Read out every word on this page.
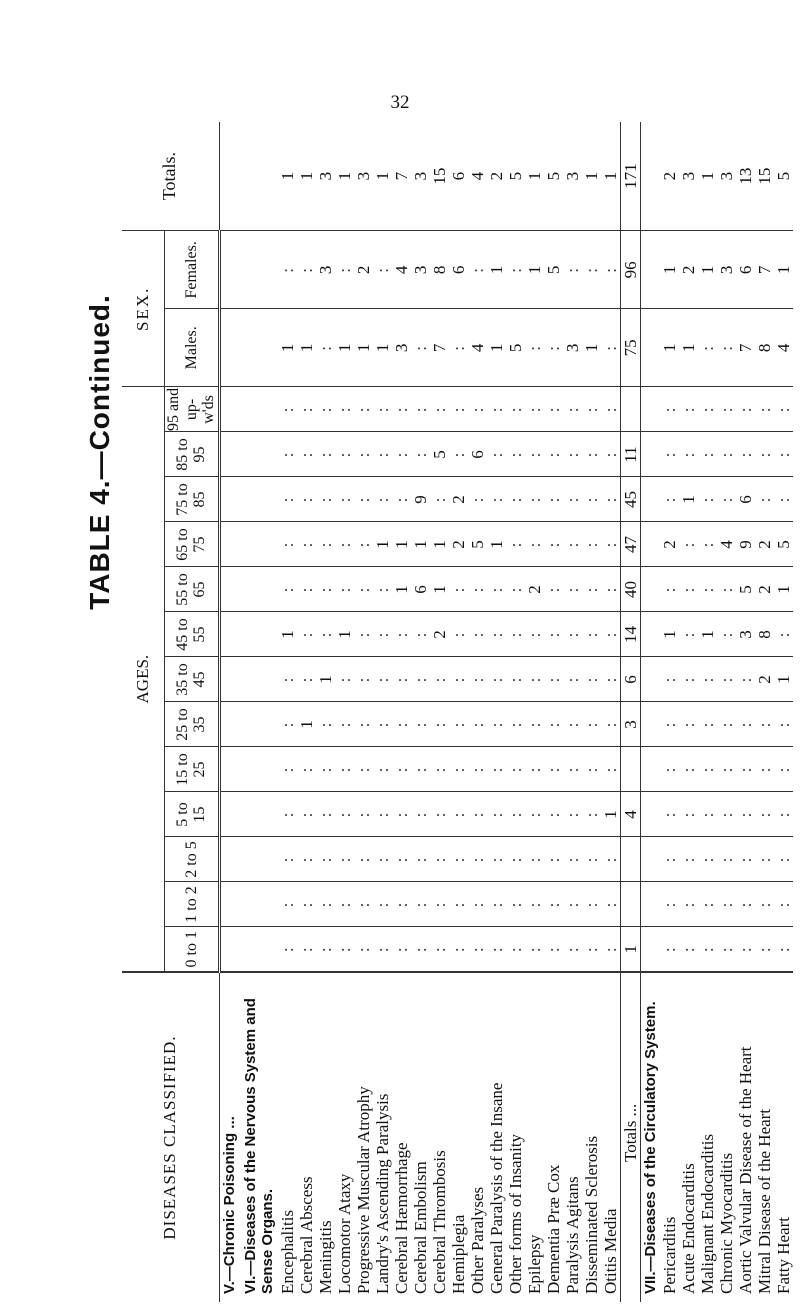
32
TABLE 4.—Continued.
DISEASES CLASSIFIED.	AGES.													SEX.		Totals.
	0 to 1	1 to 2	2 to 5	5 to 15	15 to 25	25 to 35	35 to 45	45 to 55	55 to 65	65 to 75	75 to 85	85 to 95	95 and up-w'ds	Males.	Females.	
V.—Chronic Poisoning ...																
VI.—Diseases of the Nervous System and Sense Organs.																
Encephalitis	:	:	:	:	:	:	:	1	:	:	:	:	:	1	:	1
Cerebral Abscess	:	:	:	:	:	1	:	:	:	:	:	:	:	1	:	1
Meningitis	:	:	:	:	:	:	1	:	:	:	:	:	:	:	3	3
Locomotor Ataxy	:	:	:	:	:	:	:	1	:	:	:	:	:	1	:	1
Progressive Muscular Atrophy	:	:	:	:	:	:	:	:	:	:	:	:	:	1	2	3
Landry's Ascending Paralysis	:	:	:	:	:	:	:	:	:	1	:	:	:	1	:	1
Cerebral Hæmorrhage	:	:	:	:	:	:	:	:	1	1	:	:	:	3	4	7
Cerebral Embolism	:	:	:	:	:	:	:	:	6	1	9	:	:	:	3	3
Cerebral Thrombosis	:	:	:	:	:	:	:	2	1	1	:	5	:	7	8	15
Hemiplegia	:	:	:	:	:	:	:	:	:	2	2	:	:	:	6	6
Other Paralyses	:	:	:	:	:	:	:	:	:	5	:	6	:	4	:	4
General Paralysis of the Insane	:	:	:	:	:	:	:	:	:	1	:	:	:	1	1	2
Other forms of Insanity	:	:	:	:	:	:	:	:	:	:	:	:	:	5	:	5
Epilepsy	:	:	:	:	:	:	:	:	2	:	:	:	:	:	1	1
Dementia Præ Cox	:	:	:	:	:	:	:	:	:	:	:	:	:	:	5	5
Paralysis Agitans	:	:	:	:	:	:	:	:	:	:	:	:	:	3	:	3
Disseminated Sclerosis	:	:	:	:	:	:	:	:	:	:	:	:	:	1	:	1
Otitis Media	:	:	:	1	:	:	:	:	:	:	:	:	:	:	:	1
Totals ...	1			4		3	6	14	40	47	45	11		75	96	171
VII.—Diseases of the Circulatory System.																
Pericarditis	:	:	:	:	:	:	:	1	:	2	:	:	:	1	1	2
Acute Endocarditis	:	:	:	:	:	:	:	:	:	:	1	:	:	1	2	3
Malignant Endocarditis	:	:	:	:	:	:	:	1	:	:	:	:	:	:	1	1
Chronic Myocarditis	:	:	:	:	:	:	:	:	:	4	:	:	:	:	3	3
Aortic Valvular Disease of the Heart	:	:	:	:	:	:	:	3	5	9	6	:	:	7	6	13
Mitral Disease of the Heart	:	:	:	:	:	:	2	8	2	2	:	:	:	8	7	15
Fatty Heart	:	:	:	:	:	:	1	:	1	5	:	:	:	4	1	5
